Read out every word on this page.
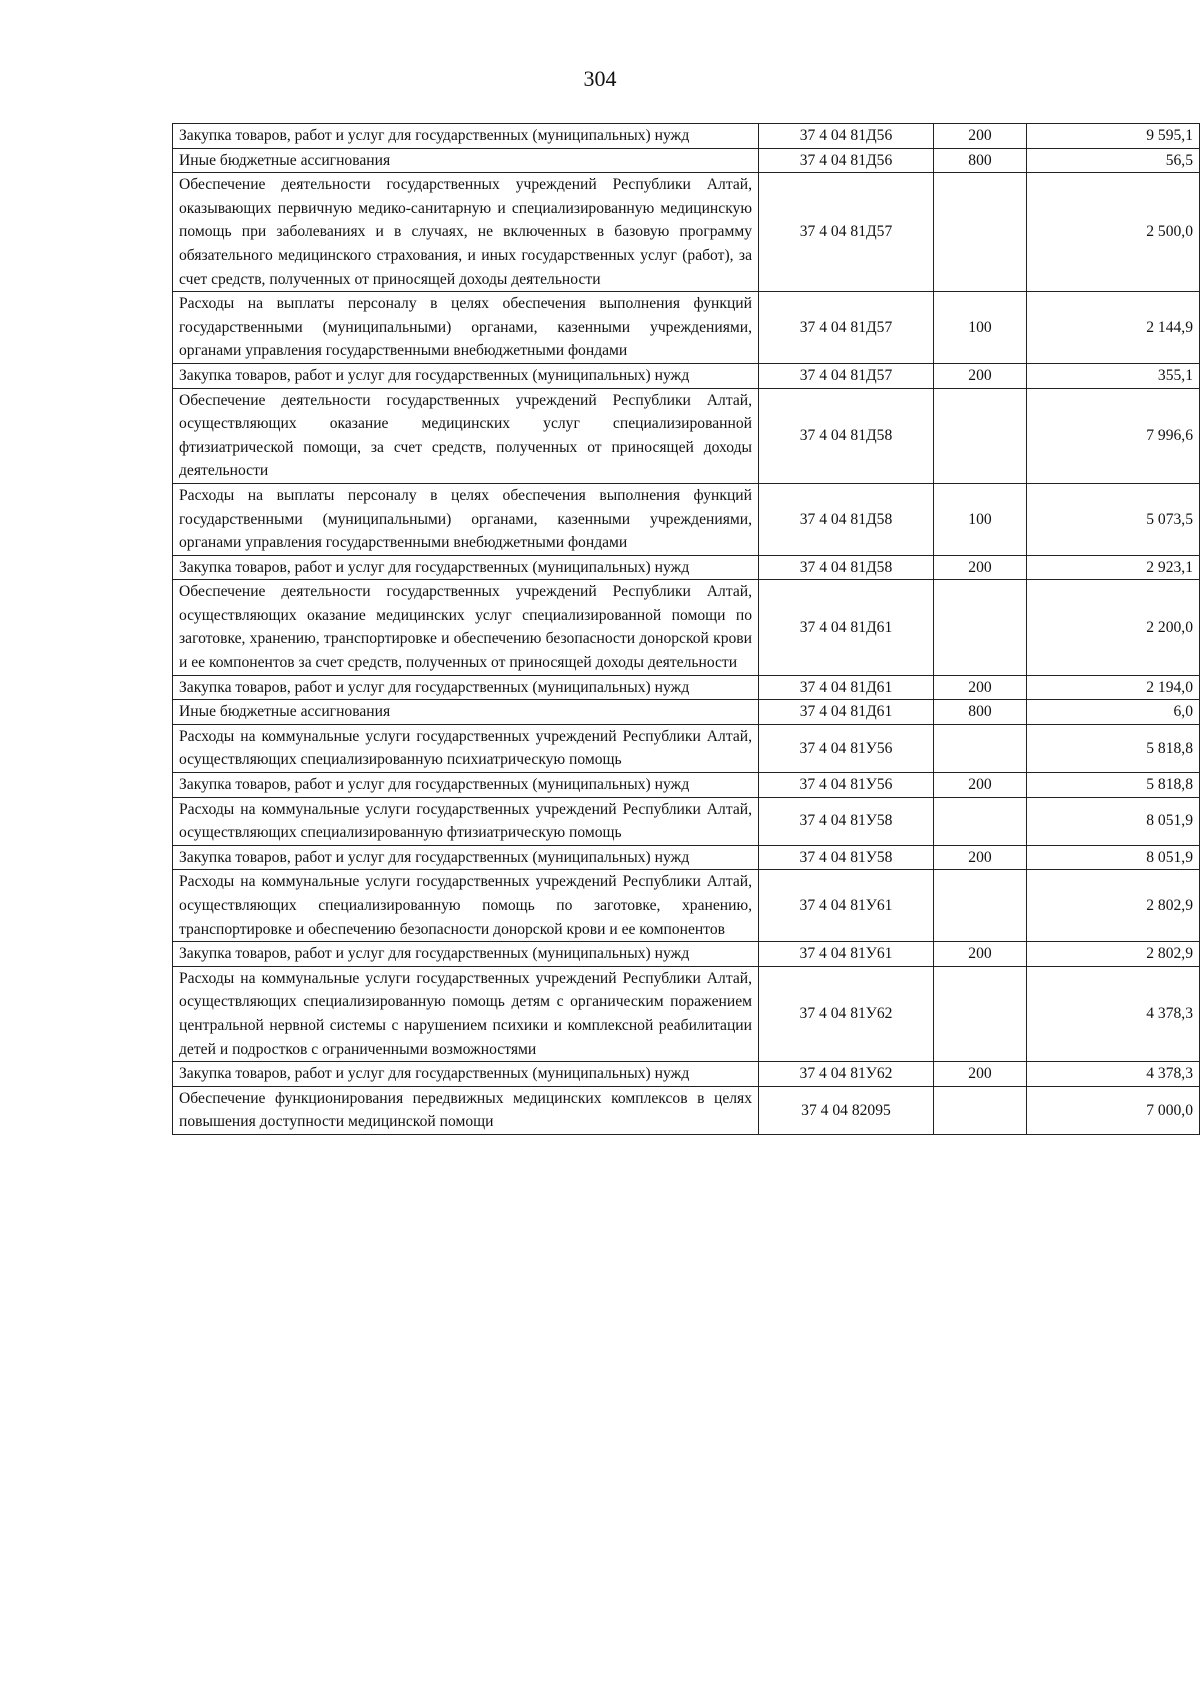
304
Закупка товаров, работ и услуг для государственных (муниципальных) нужд	37 4 04 81Д56	200	9 595,1
Иные бюджетные ассигнования	37 4 04 81Д56	800	56,5
Обеспечение деятельности государственных учреждений Республики Алтай, оказывающих первичную медико-санитарную и специализированную медицинскую помощь при заболеваниях и в случаях, не включенных в базовую программу обязательного медицинского страхования, и иных государственных услуг (работ), за счет средств, полученных от приносящей доходы деятельности	37 4 04 81Д57		2 500,0
Расходы на выплаты персоналу в целях обеспечения выполнения функций государственными (муниципальными) органами, казенными учреждениями, органами управления государственными внебюджетными фондами	37 4 04 81Д57	100	2 144,9
Закупка товаров, работ и услуг для государственных (муниципальных) нужд	37 4 04 81Д57	200	355,1
Обеспечение деятельности государственных учреждений Республики Алтай, осуществляющих оказание медицинских услуг специализированной фтизиатрической помощи, за счет средств, полученных от приносящей доходы деятельности	37 4 04 81Д58		7 996,6
Расходы на выплаты персоналу в целях обеспечения выполнения функций государственными (муниципальными) органами, казенными учреждениями, органами управления государственными внебюджетными фондами	37 4 04 81Д58	100	5 073,5
Закупка товаров, работ и услуг для государственных (муниципальных) нужд	37 4 04 81Д58	200	2 923,1
Обеспечение деятельности государственных учреждений Республики Алтай, осуществляющих оказание медицинских услуг специализированной помощи по заготовке, хранению, транспортировке и обеспечению безопасности донорской крови и ее компонентов за счет средств, полученных от приносящей доходы деятельности	37 4 04 81Д61		2 200,0
Закупка товаров, работ и услуг для государственных (муниципальных) нужд	37 4 04 81Д61	200	2 194,0
Иные бюджетные ассигнования	37 4 04 81Д61	800	6,0
Расходы на коммунальные услуги государственных учреждений Республики Алтай, осуществляющих специализированную психиатрическую помощь	37 4 04 81У56		5 818,8
Закупка товаров, работ и услуг для государственных (муниципальных) нужд	37 4 04 81У56	200	5 818,8
Расходы на коммунальные услуги государственных учреждений Республики Алтай, осуществляющих специализированную фтизиатрическую помощь	37 4 04 81У58		8 051,9
Закупка товаров, работ и услуг для государственных (муниципальных) нужд	37 4 04 81У58	200	8 051,9
Расходы на коммунальные услуги государственных учреждений Республики Алтай, осуществляющих специализированную помощь по заготовке, хранению, транспортировке и обеспечению безопасности донорской крови и ее компонентов	37 4 04 81У61		2 802,9
Закупка товаров, работ и услуг для государственных (муниципальных) нужд	37 4 04 81У61	200	2 802,9
Расходы на коммунальные услуги государственных учреждений Республики Алтай, осуществляющих специализированную помощь детям с органическим поражением центральной нервной системы с нарушением психики и комплексной реабилитации детей и подростков с ограниченными возможностями	37 4 04 81У62		4 378,3
Закупка товаров, работ и услуг для государственных (муниципальных) нужд	37 4 04 81У62	200	4 378,3
Обеспечение функционирования передвижных медицинских комплексов в целях повышения доступности медицинской помощи	37 4 04 82095		7 000,0
